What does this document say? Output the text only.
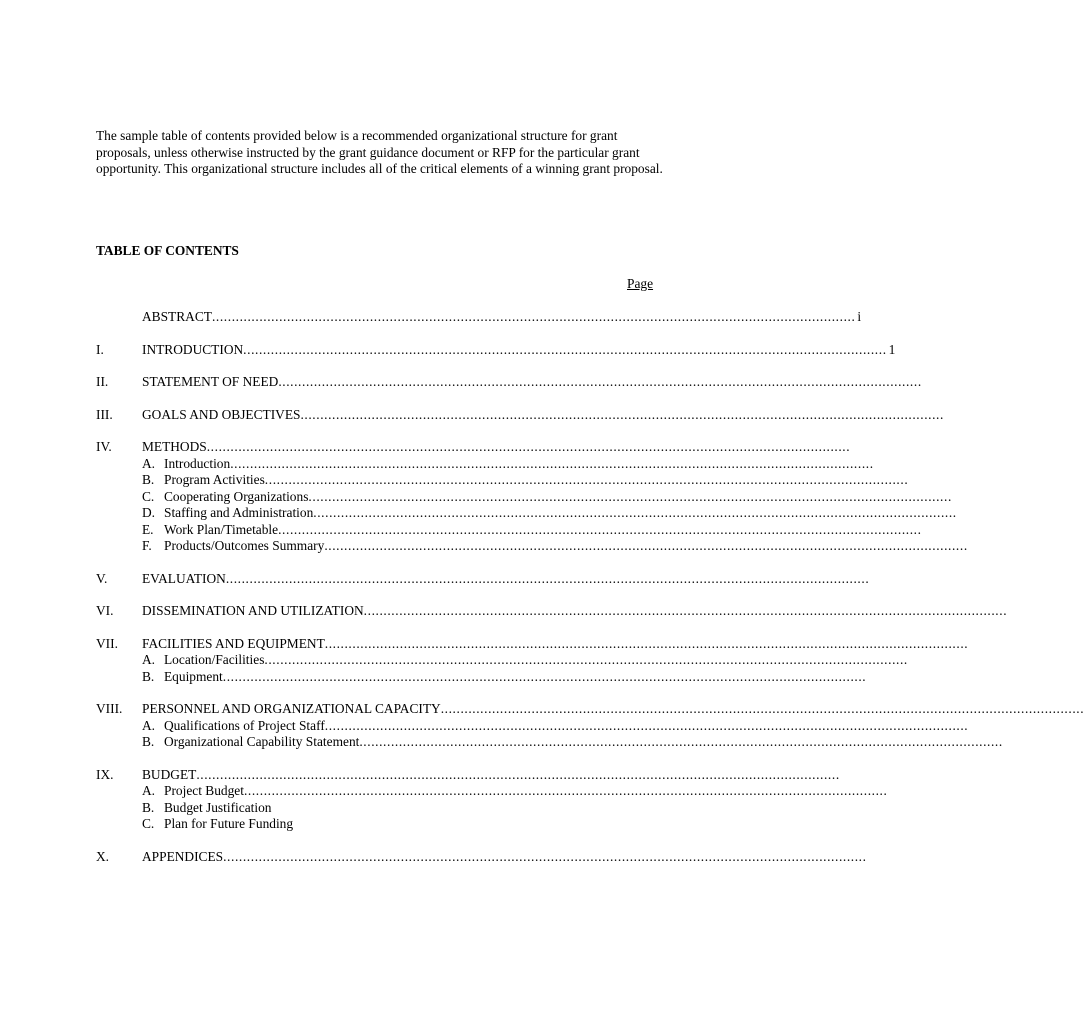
The sample table of contents provided below is a recommended organizational structure for grant proposals, unless otherwise instructed by the grant guidance document or RFP for the particular grant opportunity. This organizational structure includes all of the critical elements of a winning grant proposal.
TABLE OF CONTENTS
Page
ABSTRACT ................................................................................................................................................................... i
I.	INTRODUCTION ................................................................................................................................................................... 1
II.	STATEMENT OF NEED ...................................................................................................................................................................
III.	GOALS AND OBJECTIVES ...................................................................................................................................................................
IV.	METHODS ...................................................................................................................................................................
A. Introduction ...................................................................................................................................................................
B. Program Activities ...................................................................................................................................................................
C. Cooperating Organizations ...................................................................................................................................................................
D. Staffing and Administration ...................................................................................................................................................................
E. Work Plan/Timetable ...................................................................................................................................................................
F. Products/Outcomes Summary ...................................................................................................................................................................
V.	EVALUATION ...................................................................................................................................................................
VI.	DISSEMINATION AND UTILIZATION ...................................................................................................................................................................
VII.	FACILITIES AND EQUIPMENT ...................................................................................................................................................................
A. Location/Facilities ...................................................................................................................................................................
B. Equipment ...................................................................................................................................................................
VIII.	PERSONNEL AND ORGANIZATIONAL CAPACITY ...................................................................................................................................................................
A. Qualifications of Project Staff ...................................................................................................................................................................
B. Organizational Capability Statement ...................................................................................................................................................................
IX.	BUDGET ...................................................................................................................................................................
A. Project Budget ...................................................................................................................................................................
B. Budget Justification
C. Plan for Future Funding
X.	APPENDICES ...................................................................................................................................................................
